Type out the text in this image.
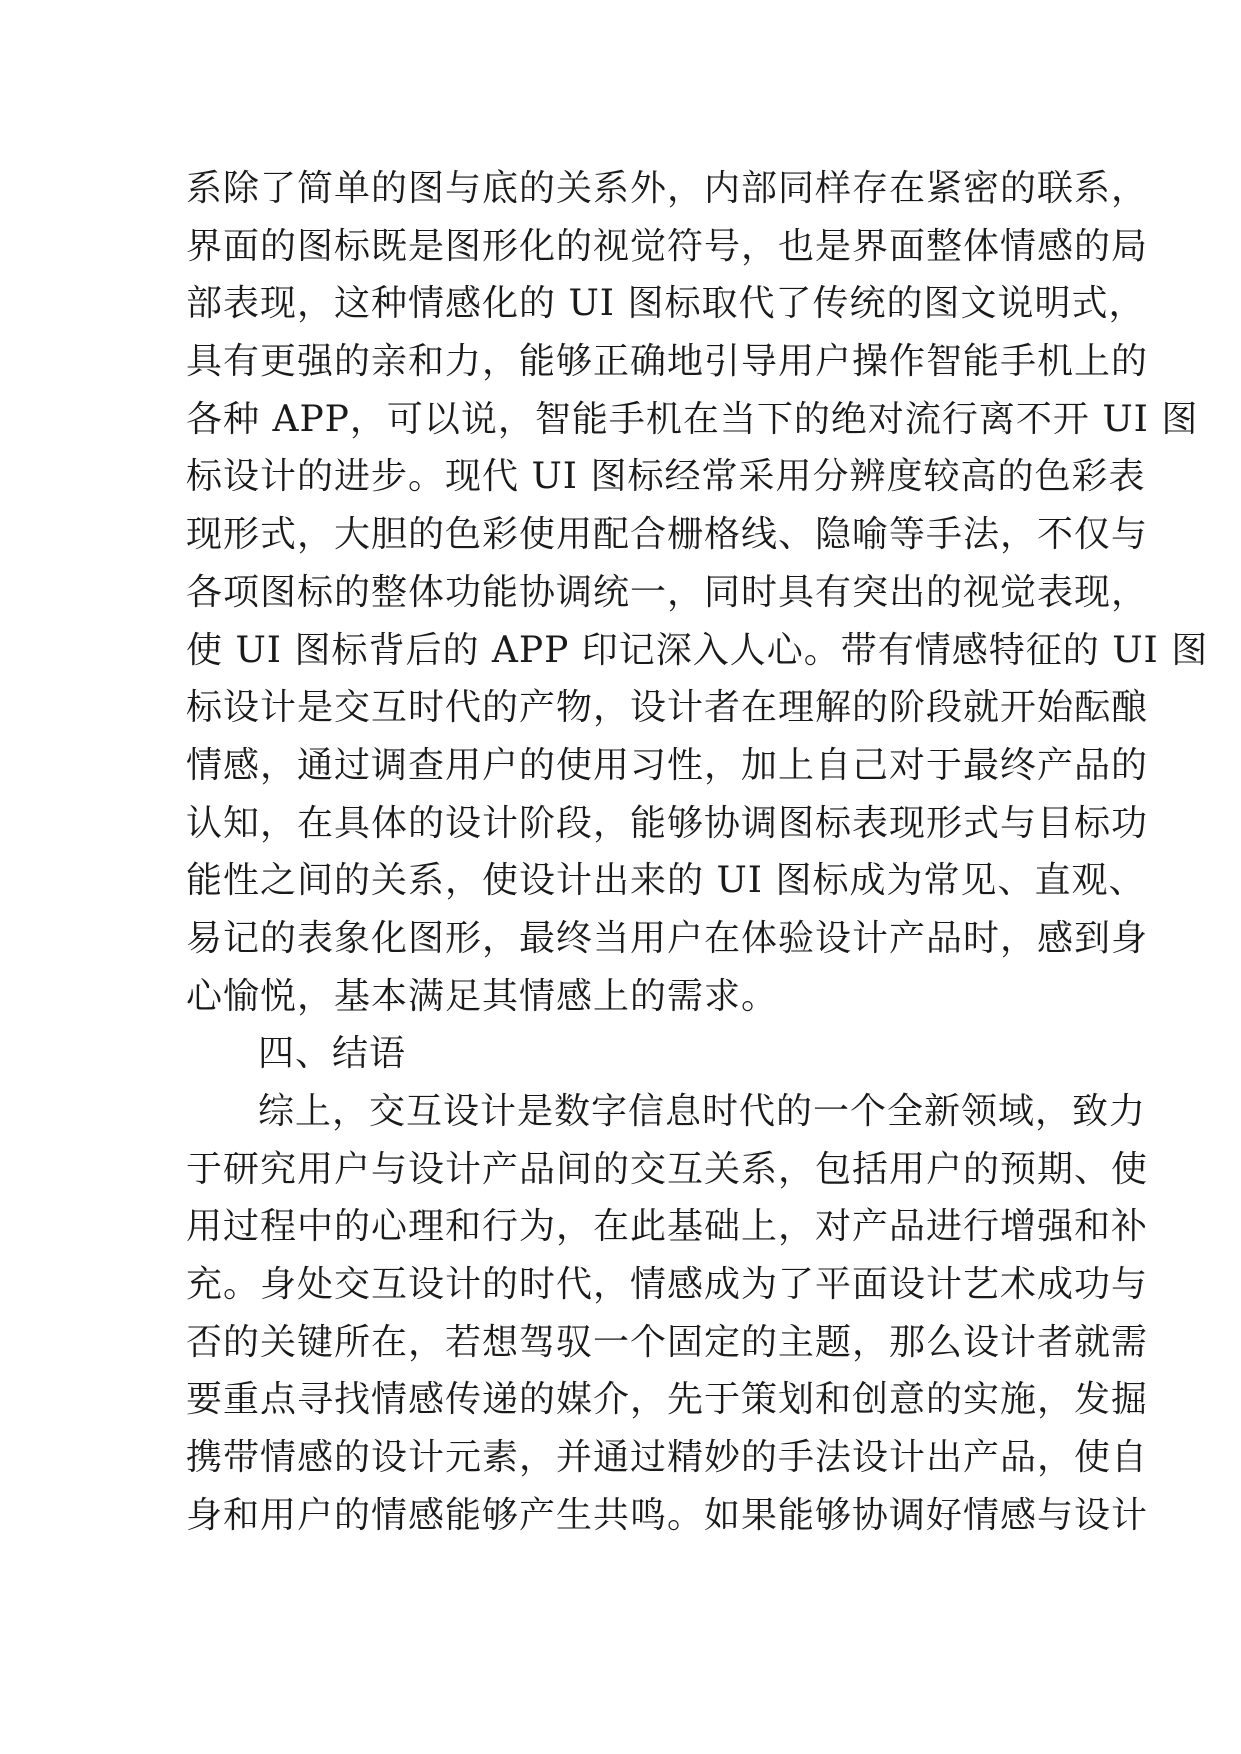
系除了简单的图与底的关系外，内部同样存在紧密的联系，
界面的图标既是图形化的视觉符号，也是界面整体情感的局
部表现，这种情感化的 UI 图标取代了传统的图文说明式，
具有更强的亲和力，能够正确地引导用户操作智能手机上的
各种 APP，可以说，智能手机在当下的绝对流行离不开 UI 图
标设计的进步。现代 UI 图标经常采用分辨度较高的色彩表
现形式，大胆的色彩使用配合栅格线、隐喻等手法，不仅与
各项图标的整体功能协调统一，同时具有突出的视觉表现，
使 UI 图标背后的 APP 印记深入人心。带有情感特征的 UI 图
标设计是交互时代的产物，设计者在理解的阶段就开始酝酿
情感，通过调查用户的使用习性，加上自己对于最终产品的
认知，在具体的设计阶段，能够协调图标表现形式与目标功
能性之间的关系，使设计出来的 UI 图标成为常见、直观、
易记的表象化图形，最终当用户在体验设计产品时，感到身
心愉悦，基本满足其情感上的需求。
四、结语
综上，交互设计是数字信息时代的一个全新领域，致力
于研究用户与设计产品间的交互关系，包括用户的预期、使
用过程中的心理和行为，在此基础上，对产品进行增强和补
充。身处交互设计的时代，情感成为了平面设计艺术成功与
否的关键所在，若想驾驭一个固定的主题，那么设计者就需
要重点寻找情感传递的媒介，先于策划和创意的实施，发掘
携带情感的设计元素，并通过精妙的手法设计出产品，使自
身和用户的情感能够产生共鸣。如果能够协调好情感与设计
